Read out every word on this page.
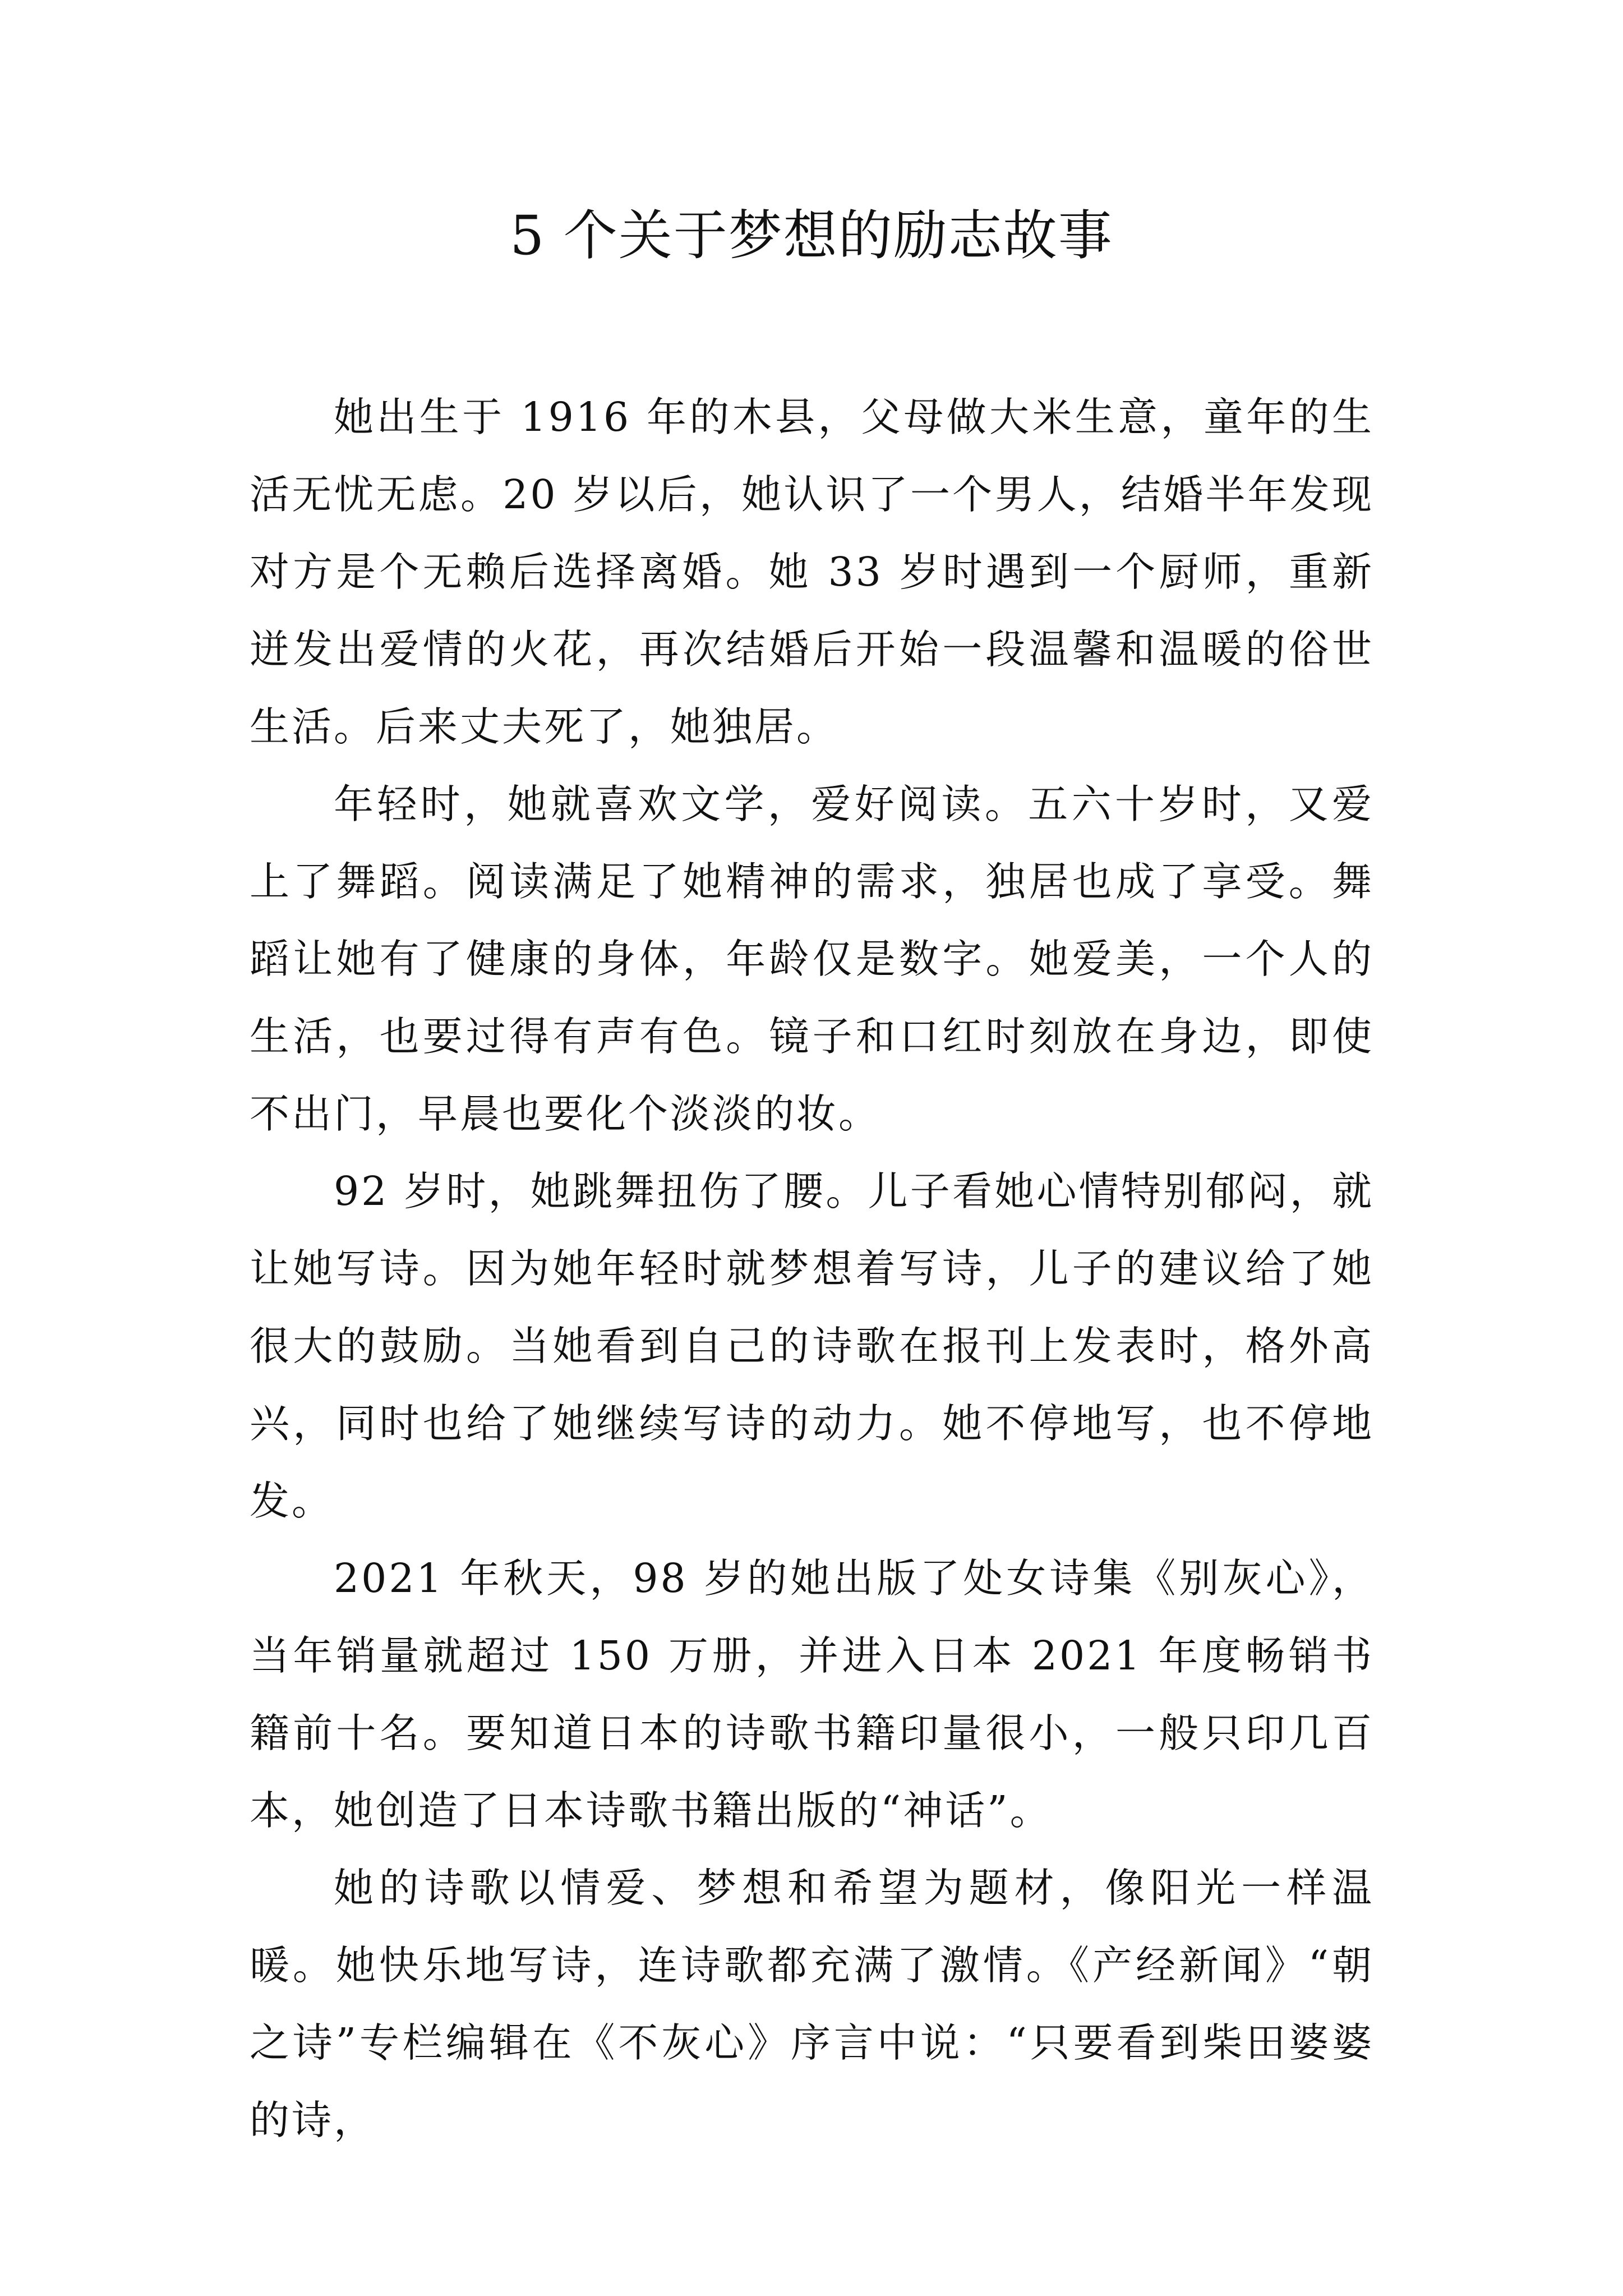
5 个关于梦想的励志故事

她出生于 1916 年的木县，父母做大米生意，童年的生活无忧无虑。20 岁以后，她认识了一个男人，结婚半年发现对方是个无赖后选择离婚。她 33 岁时遇到一个厨师，重新迸发出爱情的火花，再次结婚后开始一段温馨和温暖的俗世生活。后来丈夫死了，她独居。

年轻时，她就喜欢文学，爱好阅读。五六十岁时，又爱上了舞蹈。阅读满足了她精神的需求，独居也成了享受。舞蹈让她有了健康的身体，年龄仅是数字。她爱美，一个人的生活，也要过得有声有色。镜子和口红时刻放在身边，即使不出门，早晨也要化个淡淡的妆。

92 岁时，她跳舞扭伤了腰。儿子看她心情特别郁闷，就让她写诗。因为她年轻时就梦想着写诗，儿子的建议给了她很大的鼓励。当她看到自己的诗歌在报刊上发表时，格外高兴，同时也给了她继续写诗的动力。她不停地写，也不停地发。

2021 年秋天，98 岁的她出版了处女诗集《别灰心》，当年销量就超过 150 万册，并进入日本 2021 年度畅销书籍前十名。要知道日本的诗歌书籍印量很小，一般只印几百本，她创造了日本诗歌书籍出版的“神话”。

她的诗歌以情爱、梦想和希望为题材，像阳光一样温暖。她快乐地写诗，连诗歌都充满了激情。《产经新闻》“朝之诗”专栏编辑在《不灰心》序言中说：“只要看到柴田婆婆的诗，
